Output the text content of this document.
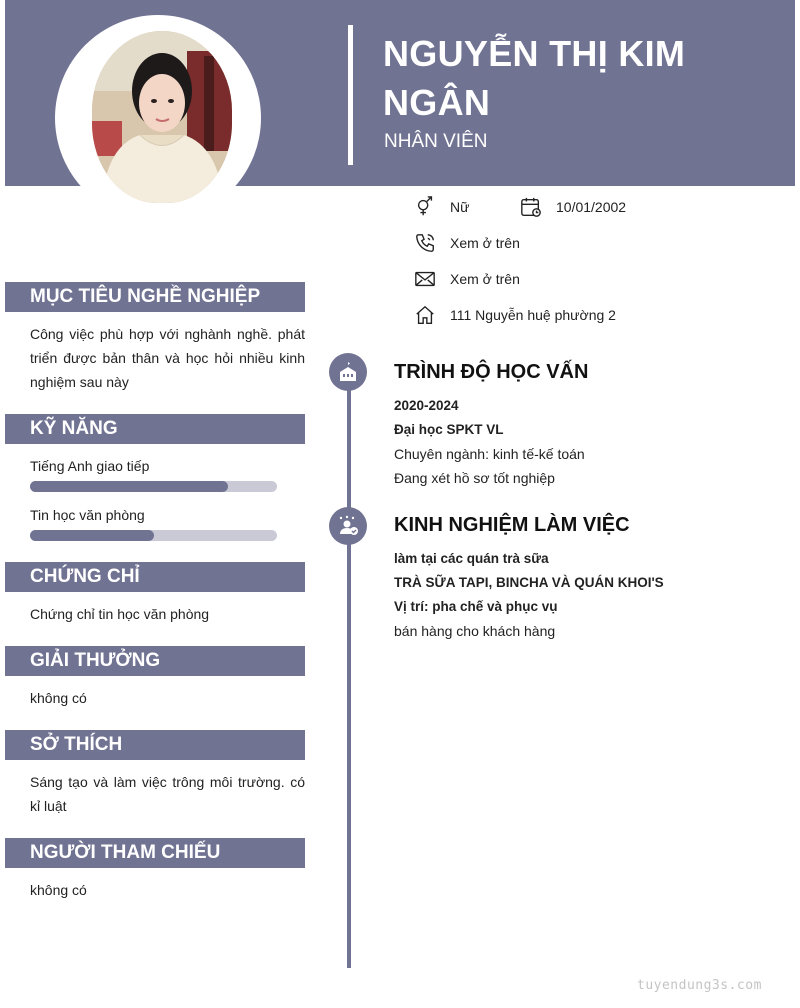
NGUYỄN THỊ KIM NGÂN
NHÂN VIÊN
Nữ	10/01/2002
Xem ở trên
Xem ở trên
111 Nguyễn huệ phường 2
MỤC TIÊU NGHỀ NGHIỆP
Công việc phù hợp với nghành nghề. phát triển được bản thân và học hỏi nhiều kinh nghiệm sau này
KỸ NĂNG
Tiếng Anh giao tiếp
Tin học văn phòng
CHỨNG CHỈ
Chứng chỉ tin học văn phòng
GIẢI THƯỞNG
không có
SỞ THÍCH
Sáng tạo và làm việc trông môi trường. có kỉ luật
NGƯỜI THAM CHIẾU
không có
TRÌNH ĐỘ HỌC VẤN
2020-2024
Đại học SPKT VL
Chuyên ngành: kinh tế-kế toán
Đang xét hồ sơ tốt nghiệp
KINH NGHIỆM LÀM VIỆC
làm tại các quán trà sữa
TRÀ SỮA TAPI, BINCHA VÀ QUÁN KHOI'S
Vị trí: pha chế và phục vụ
bán hàng cho khách hàng
tuyendung3s.com
